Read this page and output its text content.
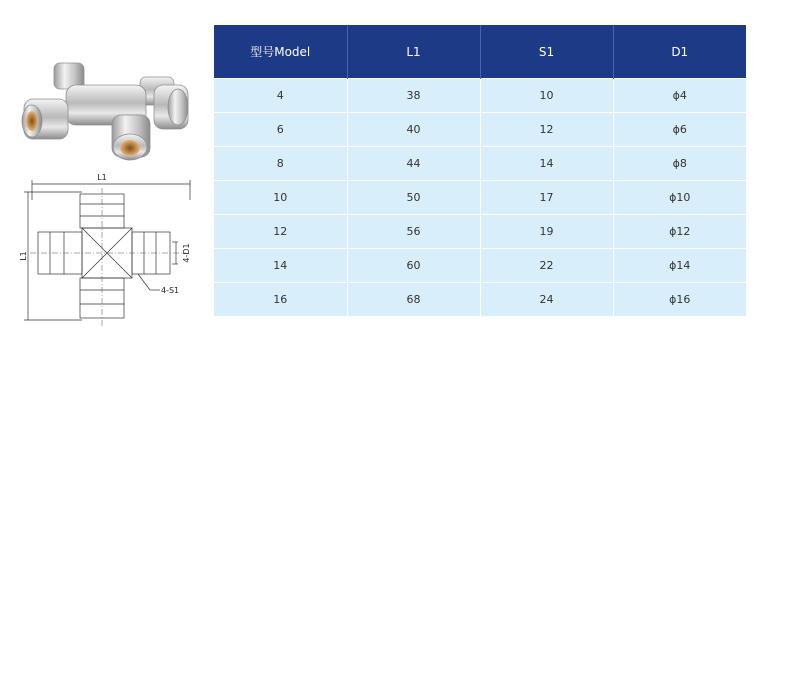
L1
L1	4-D1
4-S1
型号Model	L1	S1	D1
4	38	10	ϕ4
6	40	12	ϕ6
8	44	14	ϕ8
10	50	17	ϕ10
12	56	19	ϕ12
14	60	22	ϕ14
16	68	24	ϕ16
